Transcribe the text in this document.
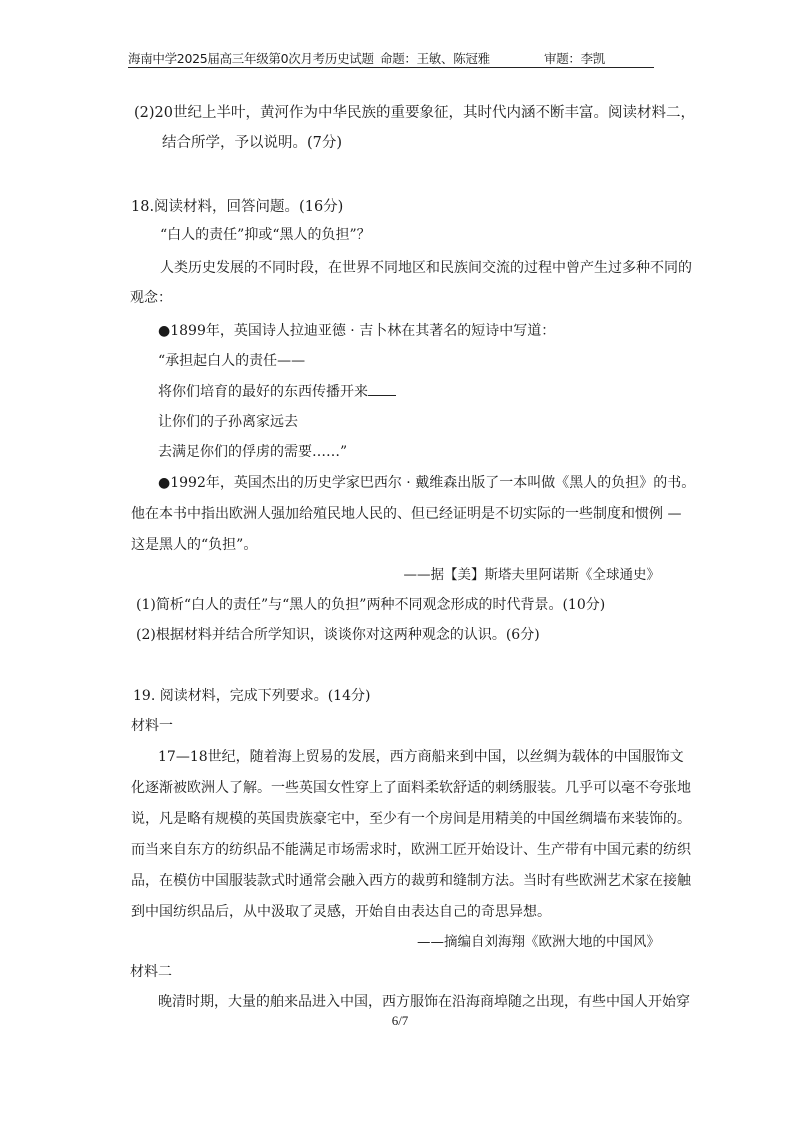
海南中学2025届高三年级第0次月考历史试题 命题：王敏、陈冠雅	审题：李凯
(2)20世纪上半叶，黄河作为中华民族的重要象征，其时代内涵不断丰富。阅读材料二，
结合所学，予以说明。(7分)
18.阅读材料，回答问题。(16分)
“白人的责任”抑或“黑人的负担”？
人类历史发展的不同时段，在世界不同地区和民族间交流的过程中曾产生过多种不同的
观念：
●1899年，英国诗人拉迪亚德 · 吉卜林在其著名的短诗中写道：
“承担起白人的责任——
将你们培育的最好的东西传播开来
让你们的子孙离家远去
去满足你们的俘虏的需要……”
●1992年，英国杰出的历史学家巴西尔 · 戴维森出版了一本叫做《黑人的负担》的书。
他在本书中指出欧洲人强加给殖民地人民的、但已经证明是不切实际的一些制度和惯例 —
这是黑人的“负担”。
——据【美】斯塔夫里阿诺斯《全球通史》
(1)简析“白人的责任”与“黑人的负担”两种不同观念形成的时代背景。(10分)
(2)根据材料并结合所学知识，谈谈你对这两种观念的认识。(6分)
19. 阅读材料，完成下列要求。(14分)
材料一
17—18世纪，随着海上贸易的发展，西方商船来到中国，以丝绸为载体的中国服饰文
化逐渐被欧洲人了解。一些英国女性穿上了面料柔软舒适的刺绣服装。几乎可以毫不夸张地
说，凡是略有规模的英国贵族豪宅中，至少有一个房间是用精美的中国丝绸墙布来装饰的。
而当来自东方的纺织品不能满足市场需求时，欧洲工匠开始设计、生产带有中国元素的纺织
品，在模仿中国服装款式时通常会融入西方的裁剪和缝制方法。当时有些欧洲艺术家在接触
到中国纺织品后，从中汲取了灵感，开始自由表达自己的奇思异想。
——摘编自刘海翔《欧洲大地的中国风》
材料二
晚清时期，大量的舶来品进入中国，西方服饰在沿海商埠随之出现，有些中国人开始穿
6/7
